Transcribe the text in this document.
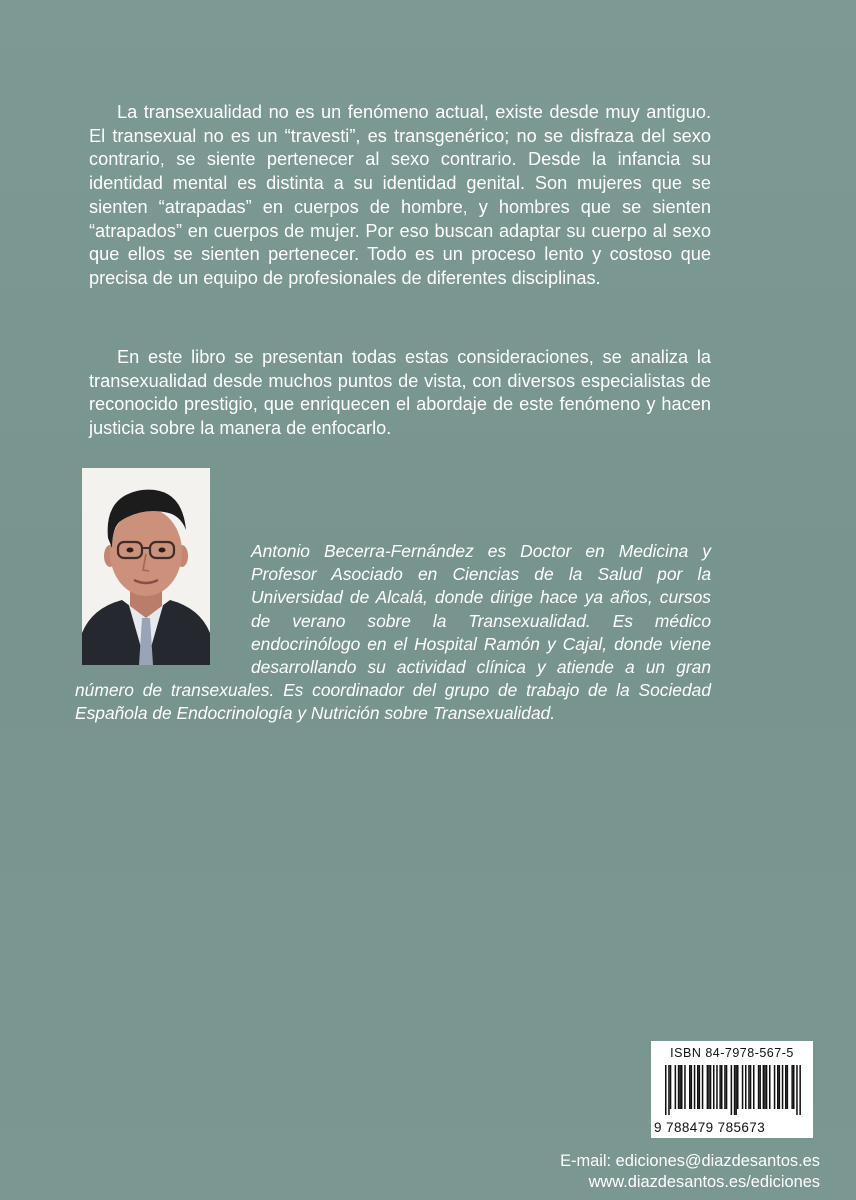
La transexualidad no es un fenómeno actual, existe desde muy antiguo. El transexual no es un “travesti”, es transgenérico; no se disfraza del sexo contrario, se siente pertenecer al sexo contrario. Desde la infancia su identidad mental es distinta a su identidad genital. Son mujeres que se sienten “atrapadas” en cuerpos de hombre, y hombres que se sienten “atrapados” en cuerpos de mujer. Por eso buscan adaptar su cuerpo al sexo que ellos se sienten pertenecer. Todo es un proceso lento y costoso que precisa de un equipo de profesionales de diferentes disciplinas.

En este libro se presentan todas estas consideraciones, se analiza la transexualidad desde muchos puntos de vista, con diversos especialistas de reconocido prestigio, que enriquecen el abordaje de este fenómeno y hacen justicia sobre la manera de enfocarlo.

Antonio Becerra-Fernández es Doctor en Medicina y Profesor Asociado en Ciencias de la Salud por la Universidad de Alcalá, donde dirige hace ya años, cursos de verano sobre la Transexualidad. Es médico endocrinólogo en el Hospital Ramón y Cajal, donde viene desarrollando su actividad clínica y atiende a un gran número de transexuales. Es coordinador del grupo de trabajo de la Sociedad Española de Endocrinología y Nutrición sobre Transexualidad.

ISBN 84-7978-567-5
9 788479 785673
E-mail: ediciones@diazdesantos.es
www.diazdesantos.es/ediciones
